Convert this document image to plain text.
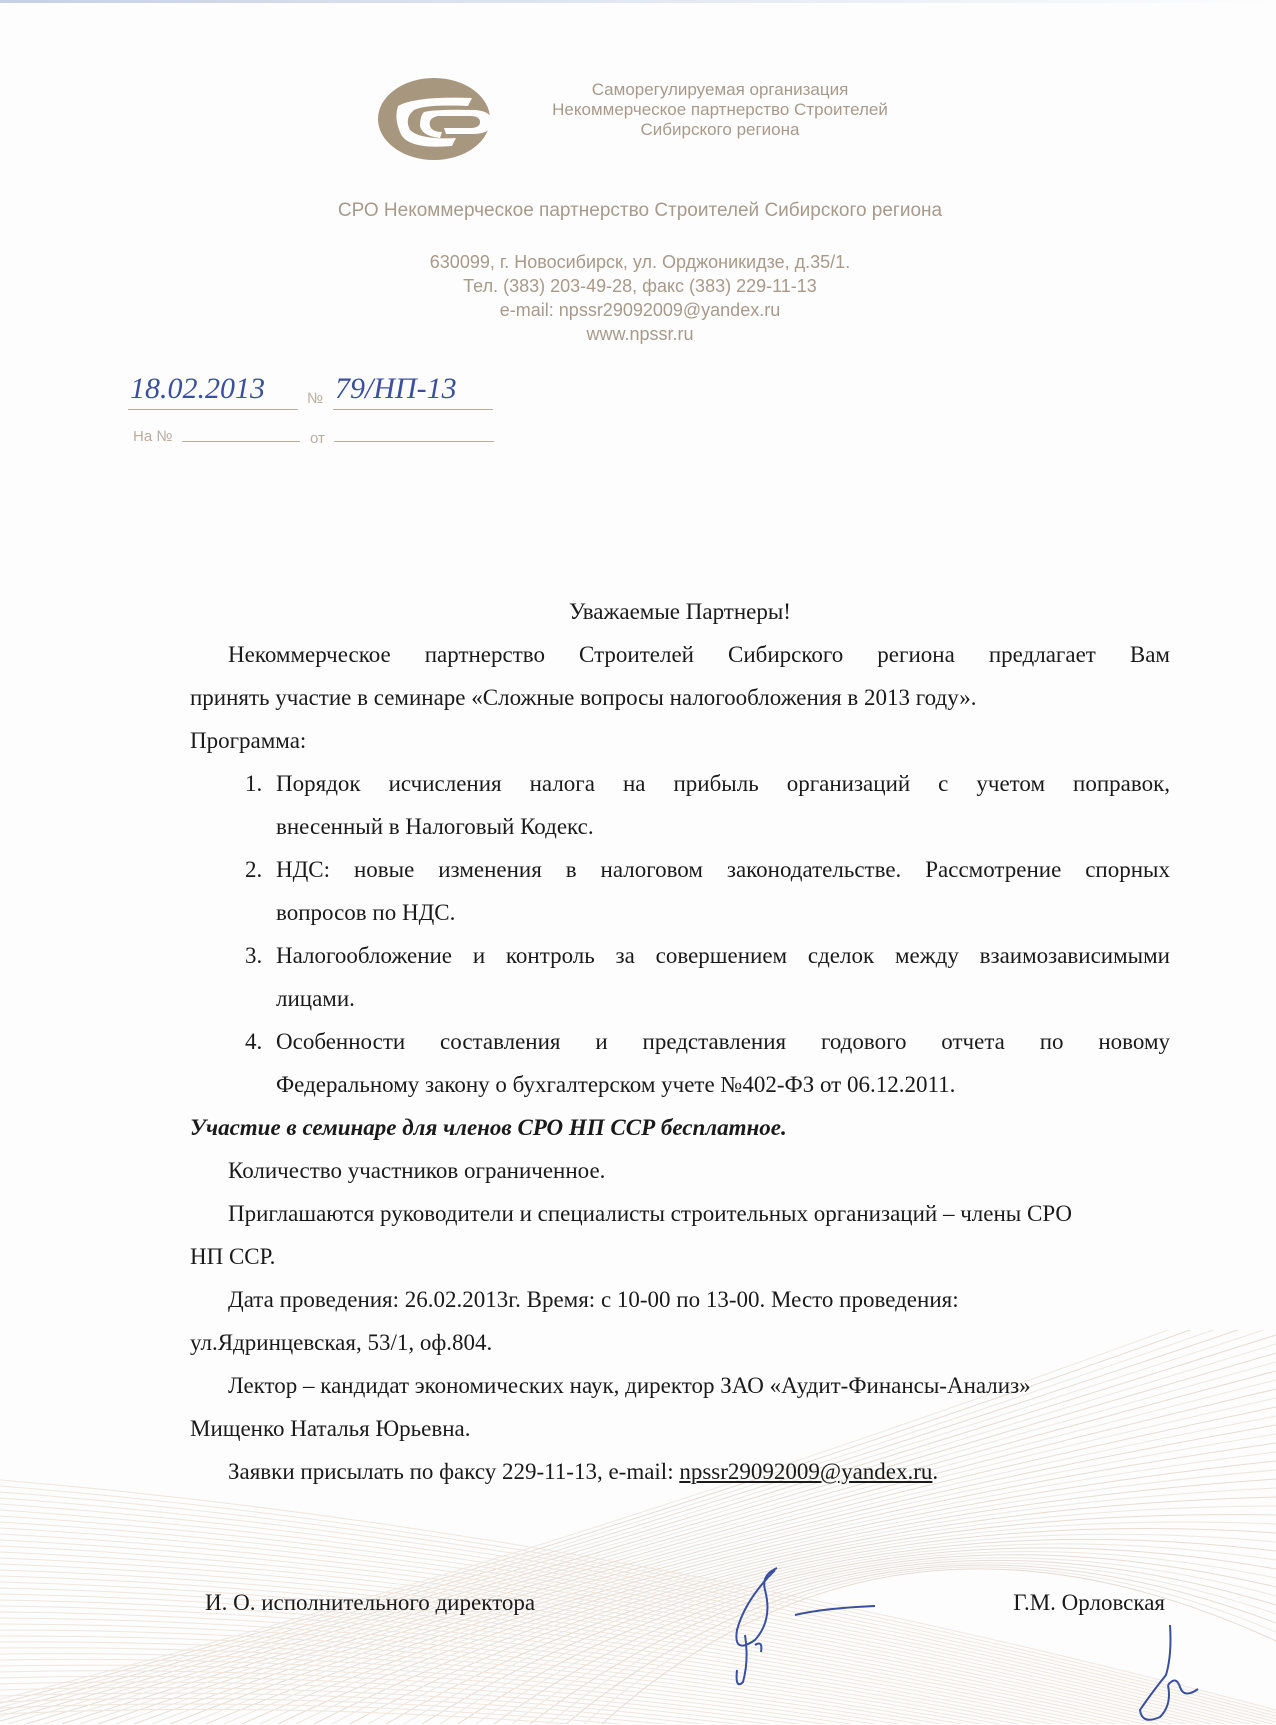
Саморегулируемая организация
Некоммерческое партнерство Строителей
Сибирского региона
СРО Некоммерческое партнерство Строителей Сибирского региона
630099, г. Новосибирск, ул. Орджоникидзе, д.35/1.
Тел. (383) 203-49-28, факс (383) 229-11-13
e-mail: npssr29092009@yandex.ru
www.npssr.ru
18.02.2013	№ 79/НП-13
На №	от

Уважаемые Партнеры!

Некоммерческое партнерство Строителей Сибирского региона предлагает Вам

принять участие в семинаре «Сложные вопросы налогообложения в 2013 году».

Программа:

1. Порядок исчисления налога на прибыль организаций с учетом поправок,
внесенный в Налоговый Кодекс.
2. НДС: новые изменения в налоговом законодательстве. Рассмотрение спорных
вопросов по НДС.
3. Налогообложение и контроль за совершением сделок между взаимозависимыми
лицами.
4. Особенности составления и представления годового отчета по новому
Федеральному закону о бухгалтерском учете №402-ФЗ от 06.12.2011.

Участие в семинаре для членов СРО НП ССР бесплатное.

Количество участников ограниченное.

Приглашаются руководители и специалисты строительных организаций – члены СРО

НП ССР.

Дата проведения: 26.02.2013г. Время: с 10-00 по 13-00. Место проведения:

ул.Ядринцевская, 53/1, оф.804.

Лектор – кандидат экономических наук, директор ЗАО «Аудит-Финансы-Анализ»

Мищенко Наталья Юрьевна.

Заявки присылать по факсу 229-11-13, e-mail: npssr29092009@yandex.ru.

И. О. исполнительного директора	Г.М. Орловская
